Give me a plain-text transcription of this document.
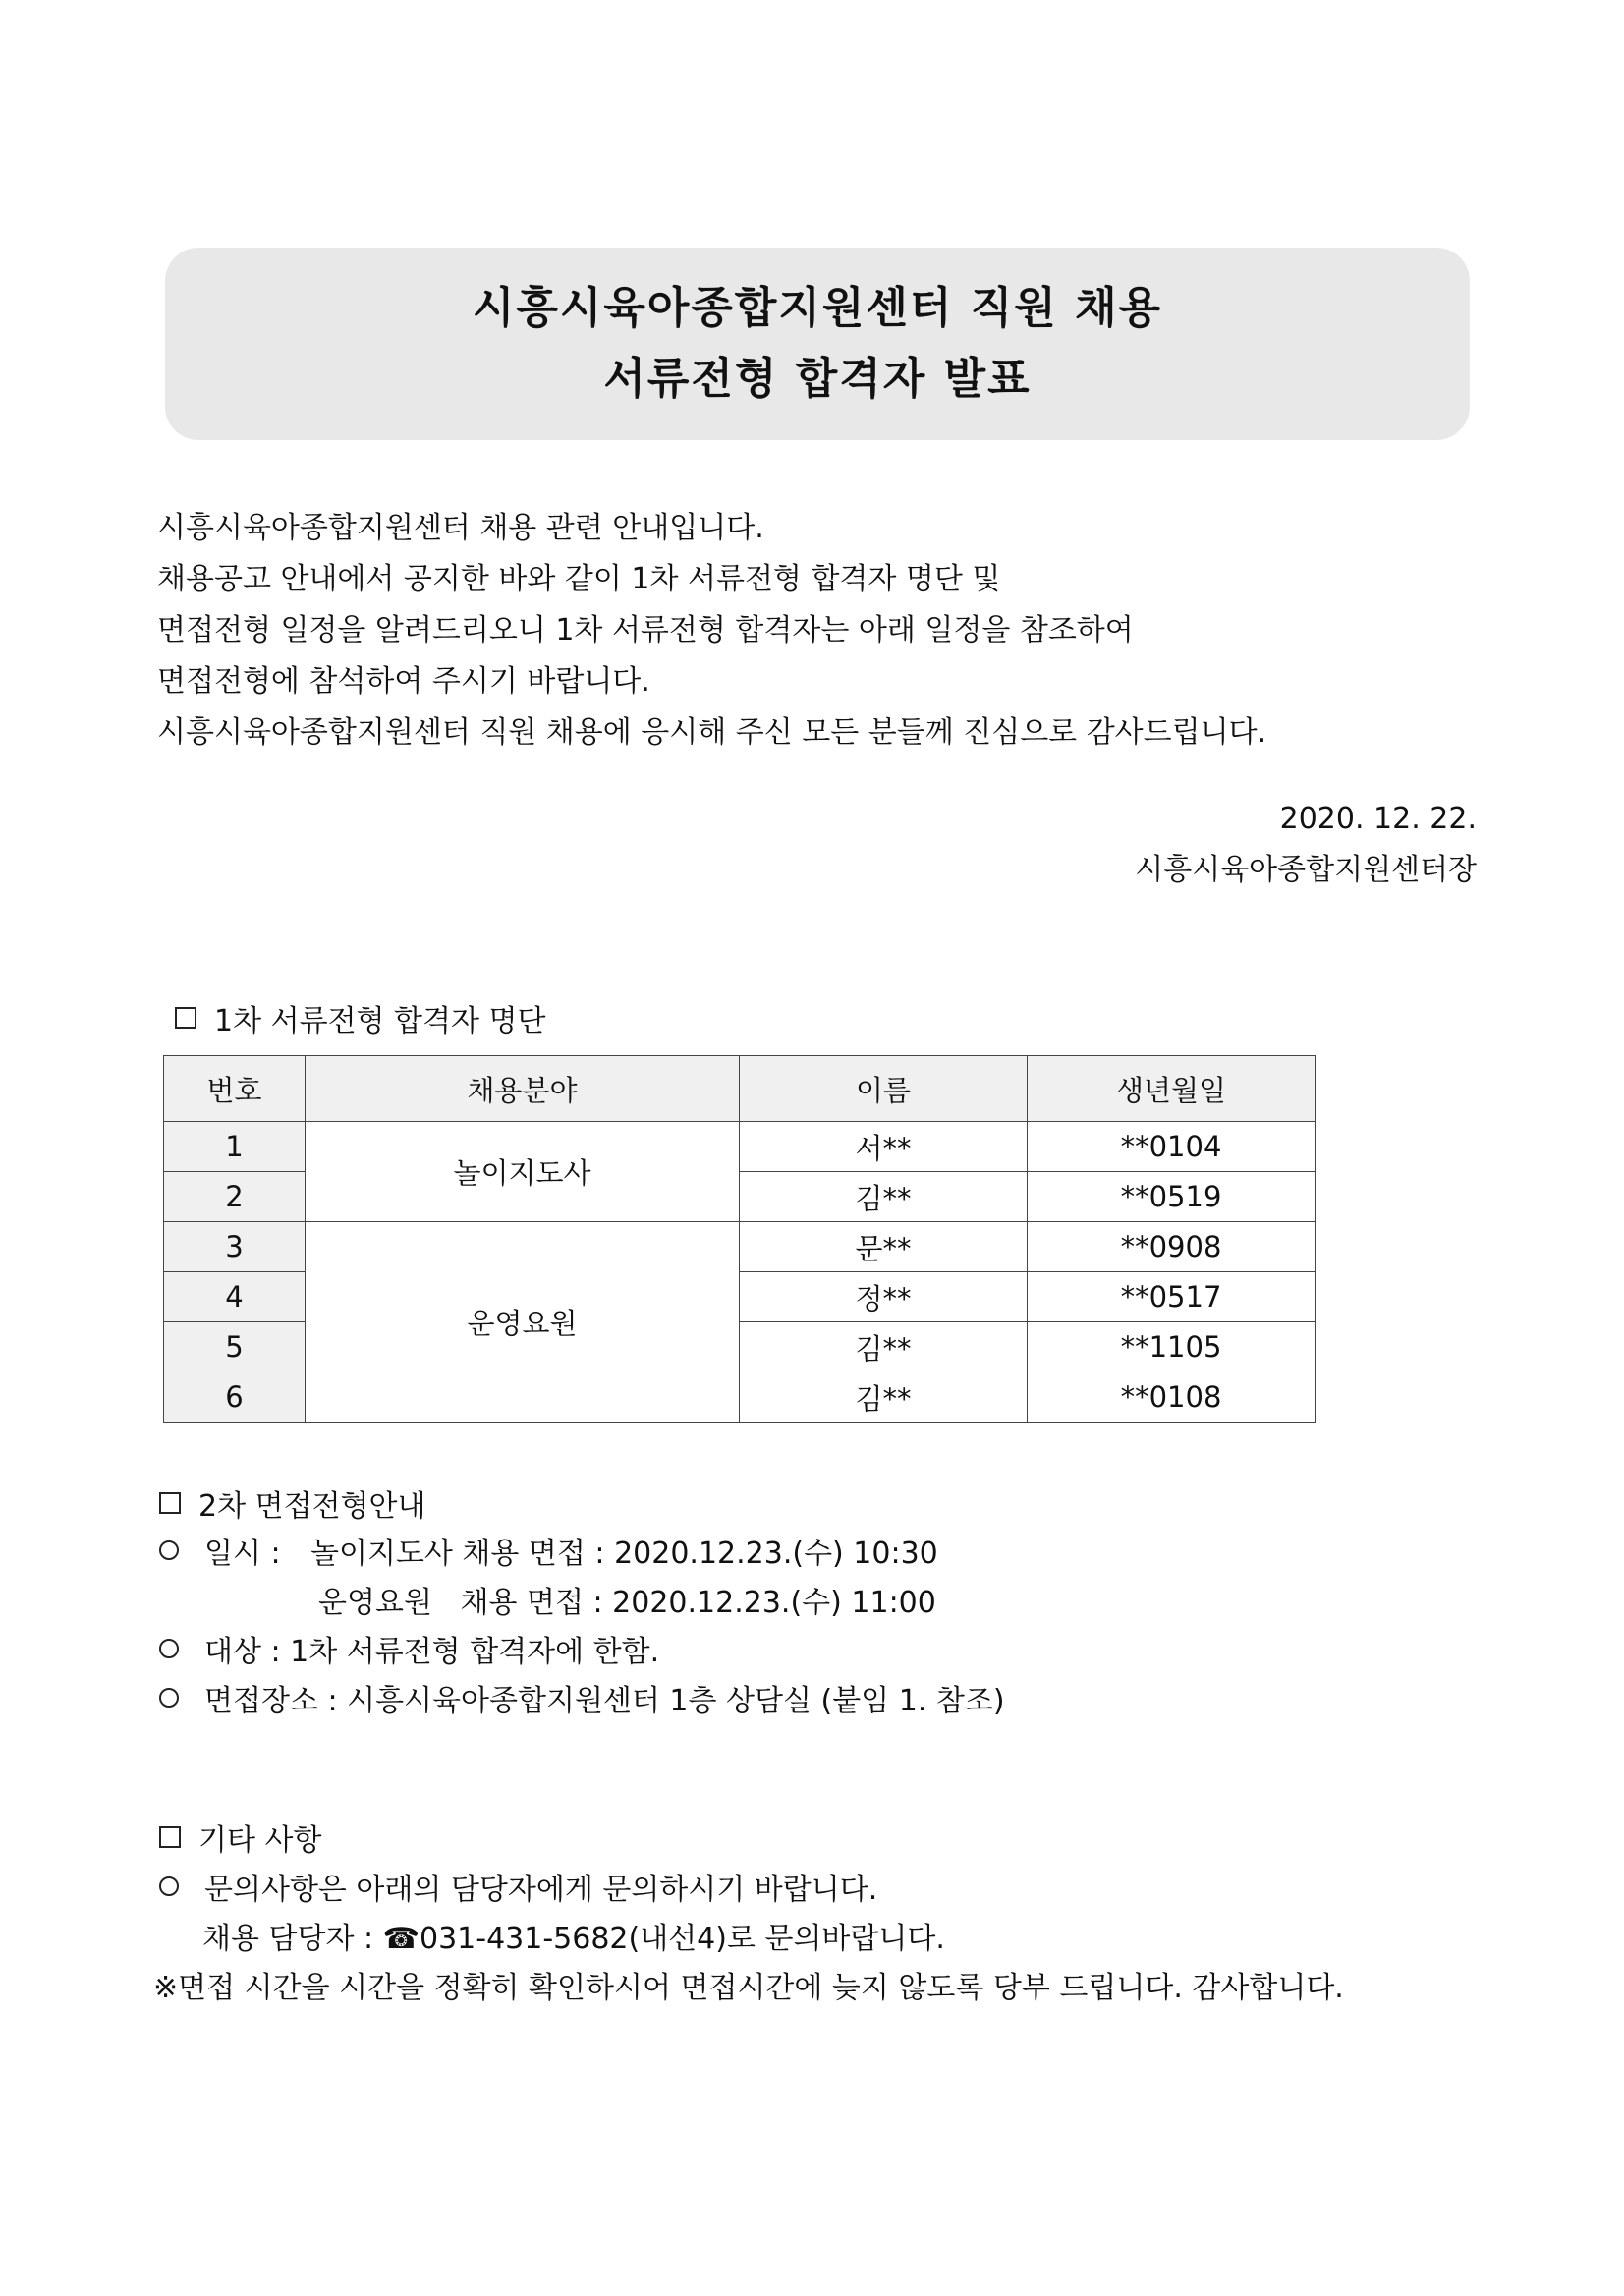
시흥시육아종합지원센터 직원 채용
서류전형 합격자 발표

시흥시육아종합지원센터 채용 관련 안내입니다.

채용공고 안내에서 공지한 바와 같이 1차 서류전형 합격자 명단 및

면접전형 일정을 알려드리오니 1차 서류전형 합격자는 아래 일정을 참조하여

면접전형에 참석하여 주시기 바랍니다.

시흥시육아종합지원센터 직원 채용에 응시해 주신 모든 분들께 진심으로 감사드립니다.

2020. 12. 22.

시흥시육아종합지원센터장

1차 서류전형 합격자 명단
번호	채용분야	이름	생년월일
1	놀이지도사	서**	**0104
2		김**	**0519
3	운영요원	문**	**0908
4		정**	**0517
5		김**	**1105
6		김**	**0108
2차 면접전형안내
일시 :	놀이지도사 채용 면접 : 2020.12.23.(수) 10:30
운영요원   채용 면접 : 2020.12.23.(수) 11:00
대상 : 1차 서류전형 합격자에 한함.
면접장소 : 시흥시육아종합지원센터 1층 상담실 (붙임 1. 참조)
기타 사항
문의사항은 아래의 담당자에게 문의하시기 바랍니다.
채용 담당자 : ☎031-431-5682(내선4)로 문의바랍니다.
※면접 시간을 시간을 정확히 확인하시어 면접시간에 늦지 않도록 당부 드립니다. 감사합니다.
